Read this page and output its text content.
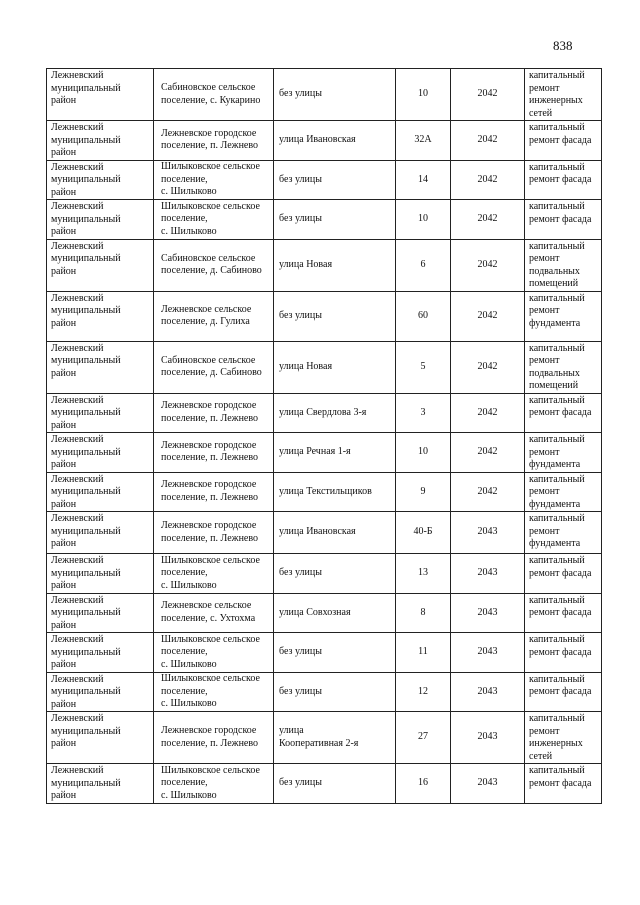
838
Лежневский
муниципальный
район	Сабиновское сельское
поселение, с. Кукарино	без улицы	10	2042	капитальный
ремонт
инженерных
сетей
Лежневский
муниципальный
район	Лежневское городское
поселение, п. Лежнево	улица Ивановская	32А	2042	капитальный
ремонт фасада
Лежневский
муниципальный
район	Шилыковское сельское
поселение,
с. Шилыково	без улицы	14	2042	капитальный
ремонт фасада
Лежневский
муниципальный
район	Шилыковское сельское
поселение,
с. Шилыково	без улицы	10	2042	капитальный
ремонт фасада
Лежневский
муниципальный
район	Сабиновское сельское
поселение, д. Сабиново	улица Новая	6	2042	капитальный
ремонт
подвальных
помещений
Лежневский
муниципальный
район	Лежневское сельское
поселение, д. Гулиха	без улицы	60	2042	капитальный
ремонт
фундамента
Лежневский
муниципальный
район	Сабиновское сельское
поселение, д. Сабиново	улица Новая	5	2042	капитальный
ремонт
подвальных
помещений
Лежневский
муниципальный
район	Лежневское городское
поселение, п. Лежнево	улица Свердлова 3-я	3	2042	капитальный
ремонт фасада
Лежневский
муниципальный
район	Лежневское городское
поселение, п. Лежнево	улица Речная 1-я	10	2042	капитальный
ремонт
фундамента
Лежневский
муниципальный
район	Лежневское городское
поселение, п. Лежнево	улица Текстильщиков	9	2042	капитальный
ремонт
фундамента
Лежневский
муниципальный
район	Лежневское городское
поселение, п. Лежнево	улица Ивановская	40-Б	2043	капитальный
ремонт
фундамента
Лежневский
муниципальный
район	Шилыковское сельское
поселение,
с. Шилыково	без улицы	13	2043	капитальный
ремонт фасада
Лежневский
муниципальный
район	Лежневское сельское
поселение, с. Ухтохма	улица Совхозная	8	2043	капитальный
ремонт фасада
Лежневский
муниципальный
район	Шилыковское сельское
поселение,
с. Шилыково	без улицы	11	2043	капитальный
ремонт фасада
Лежневский
муниципальный
район	Шилыковское сельское
поселение,
с. Шилыково	без улицы	12	2043	капитальный
ремонт фасада
Лежневский
муниципальный
район	Лежневское городское
поселение, п. Лежнево	улица
Кооперативная 2-я	27	2043	капитальный
ремонт
инженерных
сетей
Лежневский
муниципальный
район	Шилыковское сельское
поселение,
с. Шилыково	без улицы	16	2043	капитальный
ремонт фасада
